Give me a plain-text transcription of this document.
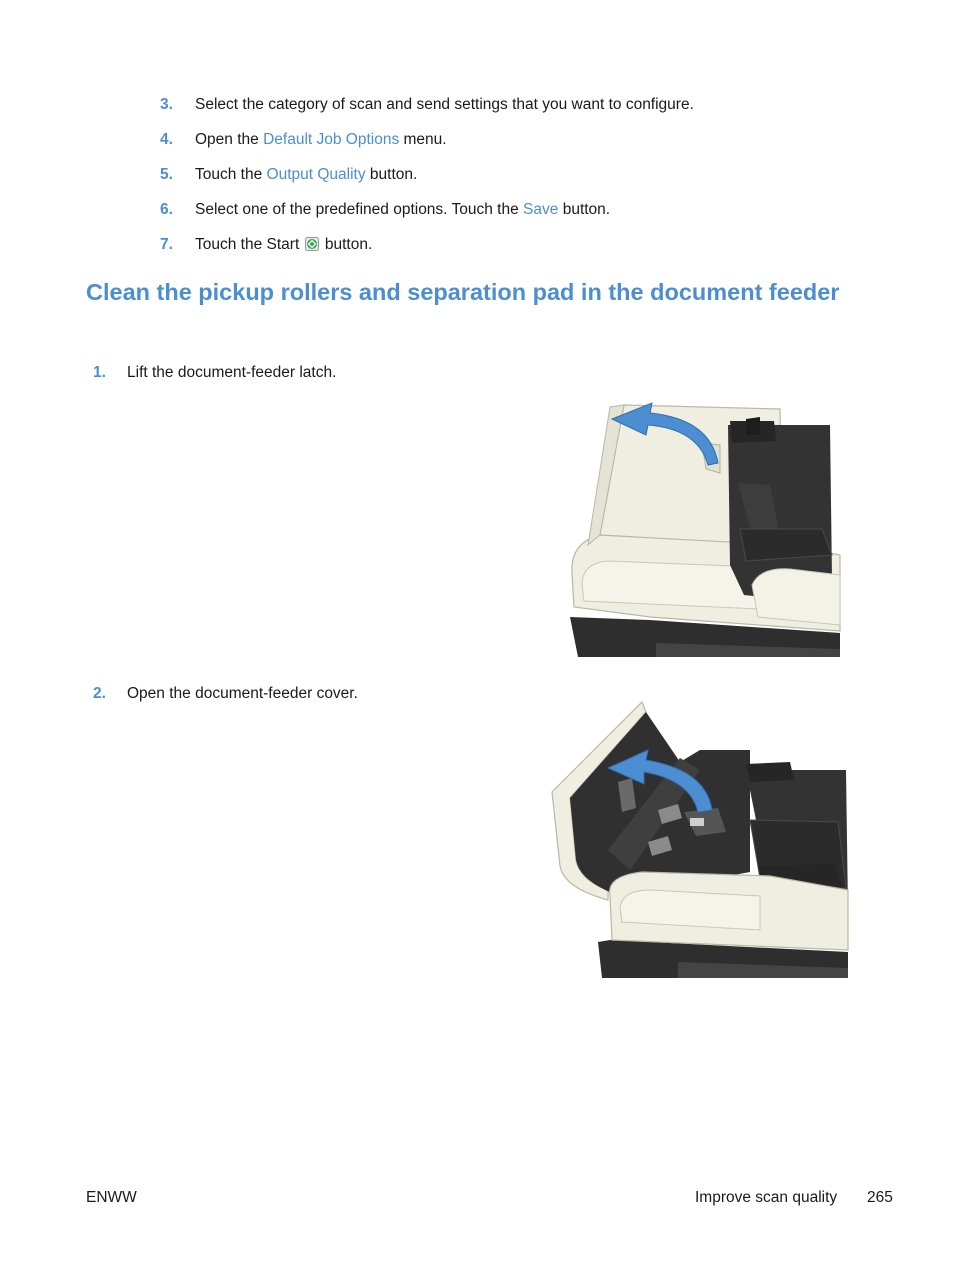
3. Select the category of scan and send settings that you want to configure.
4. Open the Default Job Options menu.
5. Touch the Output Quality button.
6. Select one of the predefined options. Touch the Save button.
7. Touch the Start  button.
Clean the pickup rollers and separation pad in the document feeder
1. Lift the document-feeder latch.
2. Open the document-feeder cover.
ENWW	Improve scan quality 265
